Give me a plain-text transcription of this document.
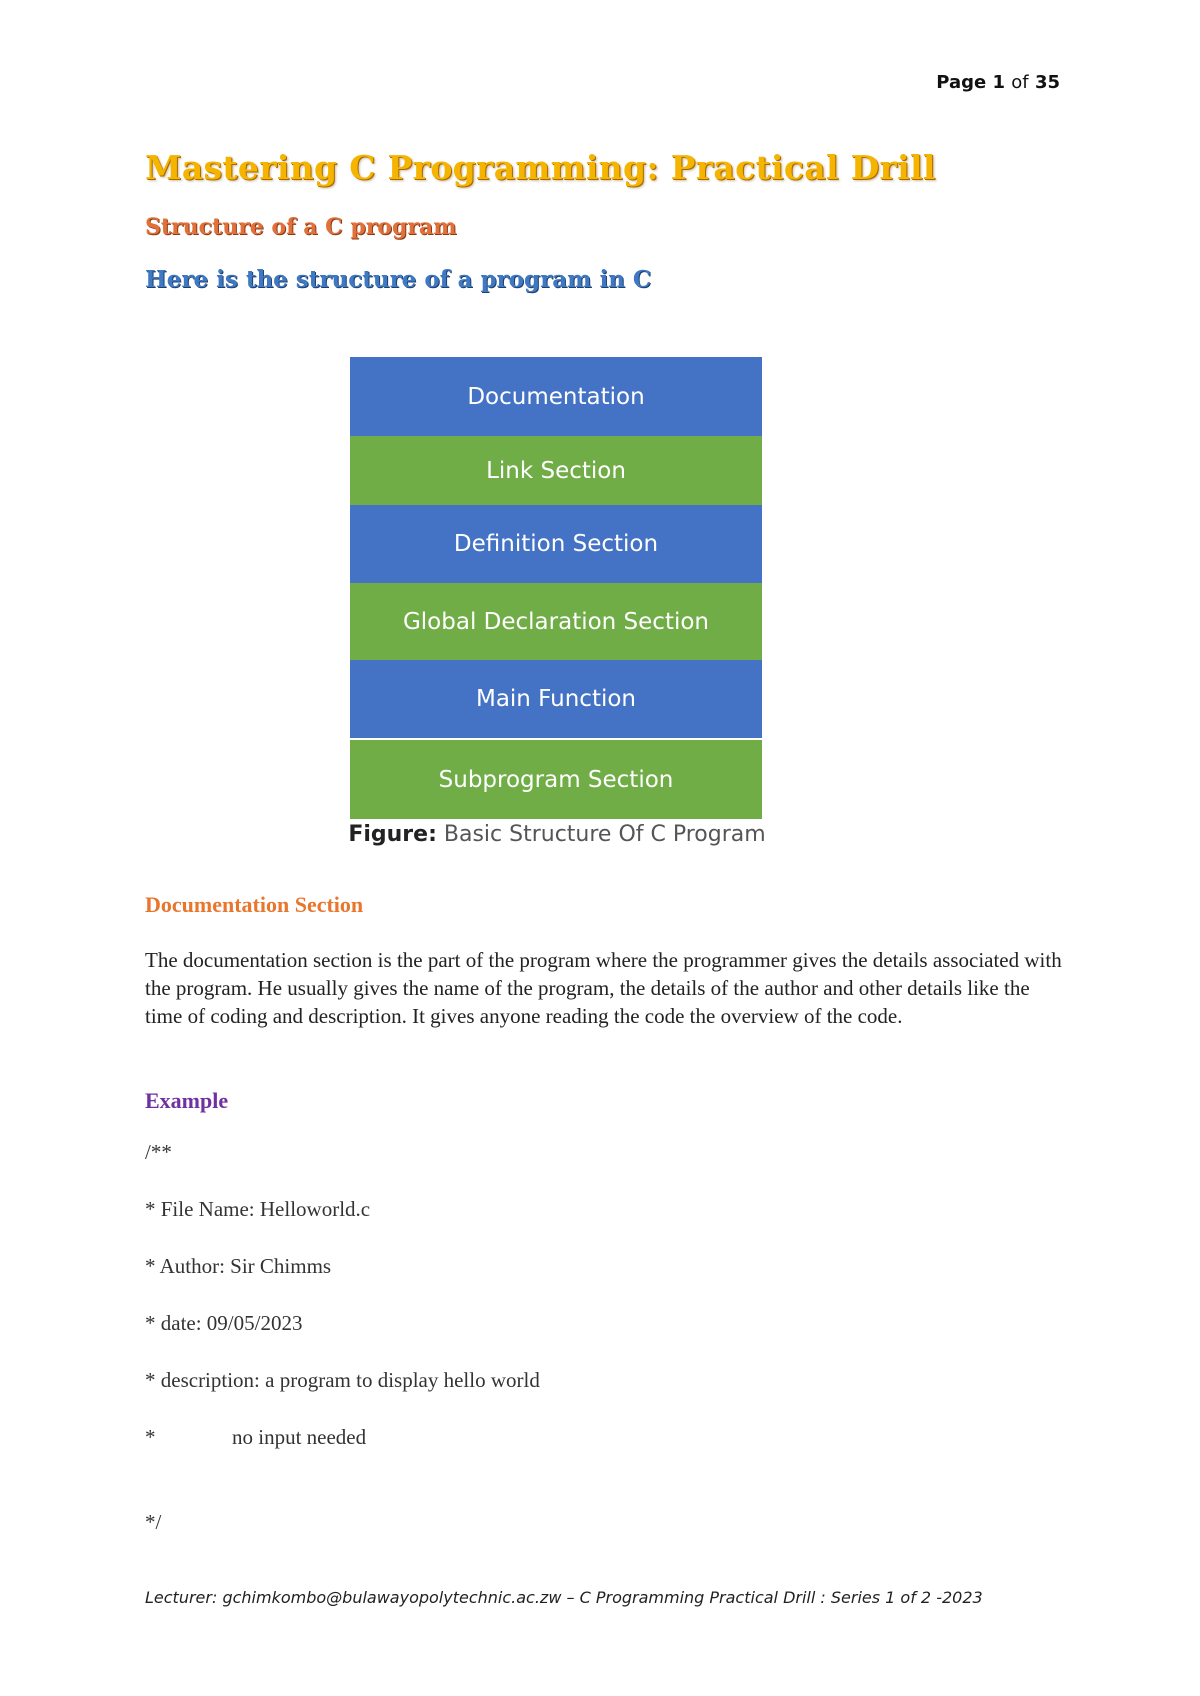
Page 1 of 35
Mastering C Programming: Practical Drill
Structure of a C program
Here is the structure of a program in C
Documentation
Link Section
Definition Section
Global Declaration Section
Main Function
Subprogram Section
Figure: Basic Structure Of C Program
Documentation Section

The documentation section is the part of the program where the programmer gives the details associated with the program. He usually gives the name of the program, the details of the author and other details like the time of coding and description. It gives anyone reading the code the overview of the code.

Example
/**
* File Name: Helloworld.c
* Author: Sir Chimms
* date: 09/05/2023
* description: a program to display hello world
*	no input needed
*/
Lecturer: gchimkombo@bulawayopolytechnic.ac.zw – C Programming Practical Drill : Series 1 of 2 -2023
